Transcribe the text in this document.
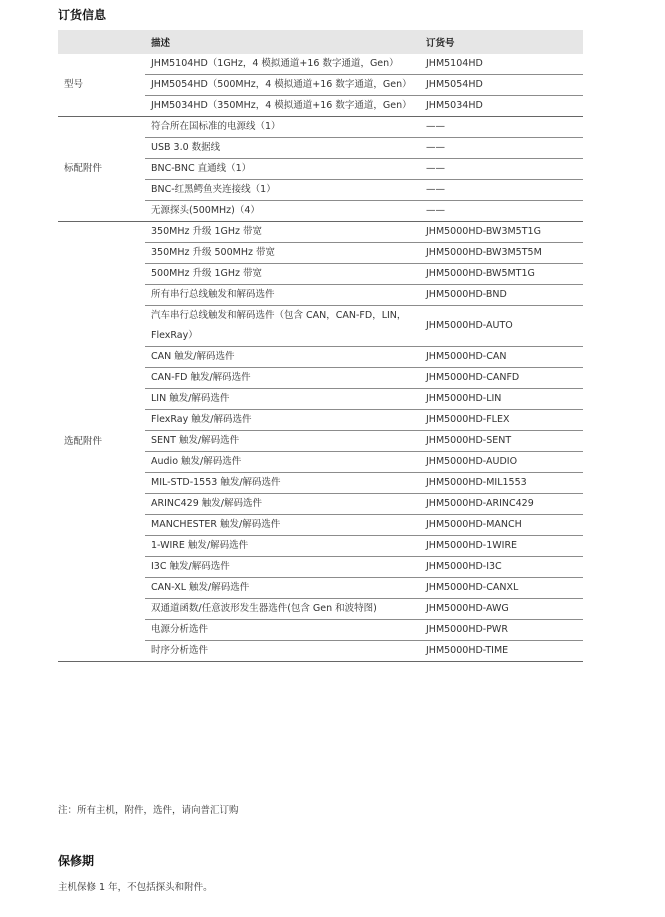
订货信息
	描述	订货号
型号	JHM5104HD（1GHz，4 模拟通道+16 数字通道，Gen）	JHM5104HD
	JHM5054HD（500MHz，4 模拟通道+16 数字通道，Gen）	JHM5054HD
	JHM5034HD（350MHz，4 模拟通道+16 数字通道，Gen）	JHM5034HD
标配附件	符合所在国标准的电源线（1）	——
	USB 3.0 数据线	——
	BNC-BNC 直通线（1）	——
	BNC-红黑鳄鱼夹连接线（1）	——
	无源探头(500MHz)（4）	——
选配附件	350MHz 升级 1GHz 带宽	JHM5000HD-BW3M5T1G
	350MHz 升级 500MHz 带宽	JHM5000HD-BW3M5T5M
	500MHz 升级 1GHz 带宽	JHM5000HD-BW5MT1G
	所有串行总线触发和解码选件	JHM5000HD-BND
	汽车串行总线触发和解码选件（包含 CAN，CAN-FD，LIN，FlexRay）	JHM5000HD-AUTO
	CAN 触发/解码选件	JHM5000HD-CAN
	CAN-FD 触发/解码选件	JHM5000HD-CANFD
	LIN 触发/解码选件	JHM5000HD-LIN
	FlexRay 触发/解码选件	JHM5000HD-FLEX
	SENT 触发/解码选件	JHM5000HD-SENT
	Audio 触发/解码选件	JHM5000HD-AUDIO
	MIL-STD-1553 触发/解码选件	JHM5000HD-MIL1553
	ARINC429 触发/解码选件	JHM5000HD-ARINC429
	MANCHESTER 触发/解码选件	JHM5000HD-MANCH
	1-WIRE 触发/解码选件	JHM5000HD-1WIRE
	I3C 触发/解码选件	JHM5000HD-I3C
	CAN-XL 触发/解码选件	JHM5000HD-CANXL
	双通道函数/任意波形发生器选件(包含 Gen 和波特图)	JHM5000HD-AWG
	电源分析选件	JHM5000HD-PWR
	时序分析选件	JHM5000HD-TIME
注：所有主机，附件，选件，请向普汇订购
保修期
主机保修 1 年，不包括探头和附件。
